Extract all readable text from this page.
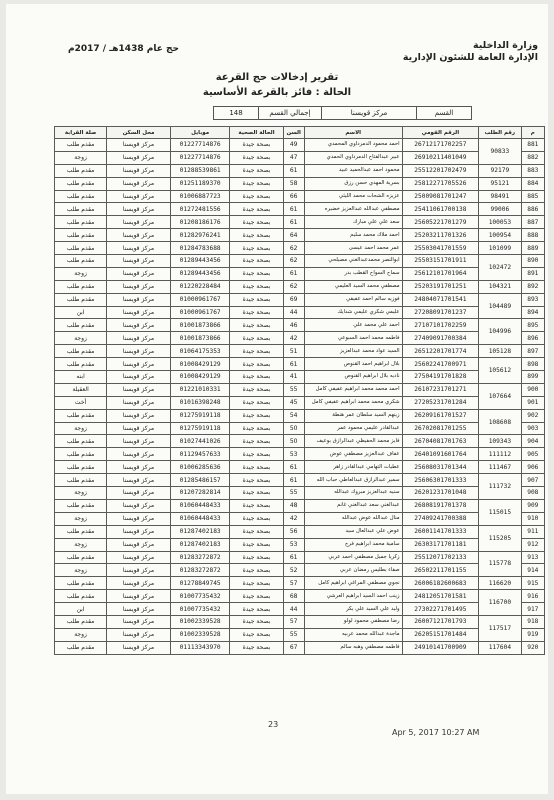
حج عام 1438هـ / 2017م	وزارة الداخلية
الإدارة العامة للشئون الإدارية
تقرير إدخالات حج القرعة
الحالة : فائز بالقرعة الأساسية
القسم	مركز قويسنا	إجمالي القسم	148
م	رقم الطلب	الرقم القومي	الاسم	السن	الحالة الصحية	موبايل	محل السكن	صلة القرابة
881	90833	26712171702257	احمد محمود الدمرداوي المحمدي	49	بصحة جيدة	01227714876	مركز قويسنا	مقدم طلب
882		26910211401049	عبير عبدالفتاح الدمرداوي الحمدي	47	بصحة جيدة	01227714876	مركز قويسنا	زوجة
883	92179	25512201702479	محمود احمد عبدالحميد عبيد	61	بصحة جيدة	01288539861	مركز قويسنا	مقدم طلب
884	95121	25812271705526	بسرية المهدي حسن رزق	58	بصحة جيدة	01251189370	مركز قويسنا	مقدم طلب
885	98491	25009081701247	عزيزه الشحات محمد الليثي	66	بصحة جيدة	01006887723	مركز قويسنا	مقدم طلب
886	99006	25411061700138	مصطفي عبدالله عبدالعزيز خضيره	61	بصحة جيدة	01272481556	مركز قويسنا	مقدم طلب
887	100053	25605221701279	سعد علي علي مبارك	61	بصحة جيدة	01208186176	مركز قويسنا	مقدم طلب
888	100954	25203211701326	احمد ملاك محمد سليم	64	بصحة جيدة	01282976241	مركز قويسنا	مقدم طلب
889	101099	25503041701559	عمر محمد احمد عيسى	62	بصحة جيدة	01284783688	مركز قويسنا	مقدم طلب
890	102472	25503151701911	ابوالنصر محمدعبدالغني مصيلحي	62	بصحة جيدة	01289443456	مركز قويسنا	مقدم طلب
891		25612101701964	سماح السواح القطب بدر	61	بصحة جيدة	01289443456	مركز قويسنا	زوجة
892	104321	25203191701251	مصطفي محمد السيد العليمي	62	بصحة جيدة	01220228484	مركز قويسنا	مقدم طلب
893	104489	24804071701541	فوزيه سالم احمد عفيفي	69	بصحة جيدة	01000961767	مركز قويسنا	مقدم طلب
894		27208091701237	عليمي شكري عليمي شدايك	44	بصحة جيدة	01000961767	مركز قويسنا	ابن
895	104996	27107101702259	احمد علي محمد علي	46	بصحة جيدة	01001873866	مركز قويسنا	مقدم طلب
896		27409091700384	فاطمه محمد احمد السبوعي	42	بصحة جيدة	01001873866	مركز قويسنا	زوجة
897	105128	26512201701774	السيد عواد محمد عبدالعزيز	51	بصحة جيدة	01064175353	مركز قويسنا	مقدم طلب
898	105612	25602241700971	بلال ابراهيم احمد القنوص	61	بصحة جيدة	01008429129	مركز قويسنا	مقدم طلب
899		27504191701828	ناديه بلال ابراهيم القنوص	41	بصحة جيدة	01008429129	مركز قويسنا	ابنه
900	107664	26107231701271	احمد محمد محمد ابراهيم عفيفي كامل	55	بصحة جيدة	01221010331	مركز قويسنا	العقيلة
901		27205231701284	شكري محمد محمد ابراهيم عفيفي كامل	45	بصحة جيدة	01016398248	مركز قويسنا	أخت
902	108608	26209161701527	زينهم السيد سلطان عمر هنطة	54	بصحة جيدة	01275919118	مركز قويسنا	مقدم طلب
903		26702081701255	عبدالقادر عليمي محمود عمر	50	بصحة جيدة	01275919118	مركز قويسنا	زوجة
904	109343	26704081701763	فايز محمد الحفيظي عبدالرازق بوعيف	50	بصحة جيدة	01027441026	مركز قويسنا	مقدم طلب
905	111112	26401091601764	عفاف عبدالعزيز مصطفي عوض	53	بصحة جيدة	01129457633	مركز قويسنا	مقدم طلب
906	111467	25608031701344	عطيات التهامي عبدالقادر زاهر	61	بصحة جيدة	01006285636	مركز قويسنا	مقدم طلب
907	111732	25606301701333	سمير عبدالرازق عبدالعاطي حباب الله	61	بصحة جيدة	01285486157	مركز قويسنا	مقدم طلب
908		26201231701048	سنيه عبدالعزيز مبروك عبدالله	55	بصحة جيدة	01207282814	مركز قويسنا	زوجة
909	115015	26808191701378	عبدالغني سعد عبدالغني غانم	48	بصحة جيدة	01060448433	مركز قويسنا	مقدم طلب
910		27409241700388	منال عبدالله عوض عبدالله	42	بصحة جيدة	01060448433	مركز قويسنا	زوجة
911	115205	26001141701333	عوض علي عبدالعال سيد	56	بصحة جيدة	01287402183	مركز قويسنا	مقدم طلب
912		26303171701181	سامية محمد ابراهيم فرج	53	بصحة جيدة	01287402183	مركز قويسنا	زوجة
913	115778	25512071702133	زكريا جميل مصطفي احمد عربي	61	بصحة جيدة	01283272872	مركز قويسنا	مقدم طلب
914		26502211701155	صفاء بطليس رمضان عربي	52	بصحة جيدة	01283272872	مركز قويسنا	زوجة
915	116620	26006182600683	نجوي مصطفي المراغي ابراهيم كامل	57	بصحة جيدة	01278849745	مركز قويسنا	مقدم طلب
916	116700	24812051701581	زينب احمد السيد ابراهيم العرشي	68	بصحة جيدة	01007735432	مركز قويسنا	مقدم طلب
917		27302271701495	وليد علي السيد علي بكر	44	بصحة جيدة	01007735432	مركز قويسنا	ابن
918	117517	26007121701793	رضا مصطفي محمود لولو	57	بصحة جيدة	01002339528	مركز قويسنا	مقدم طلب
919		26205151701484	ماجدة عبدالله محمد عربيه	55	بصحة جيدة	01002339528	مركز قويسنا	زوجة
920	117604	24910141700909	فاطمه مصطفي وهبه سالم	67	بصحة جيدة	01113343970	مركز قويسنا	مقدم طلب
23
Apr 5, 2017 10:27 AM
